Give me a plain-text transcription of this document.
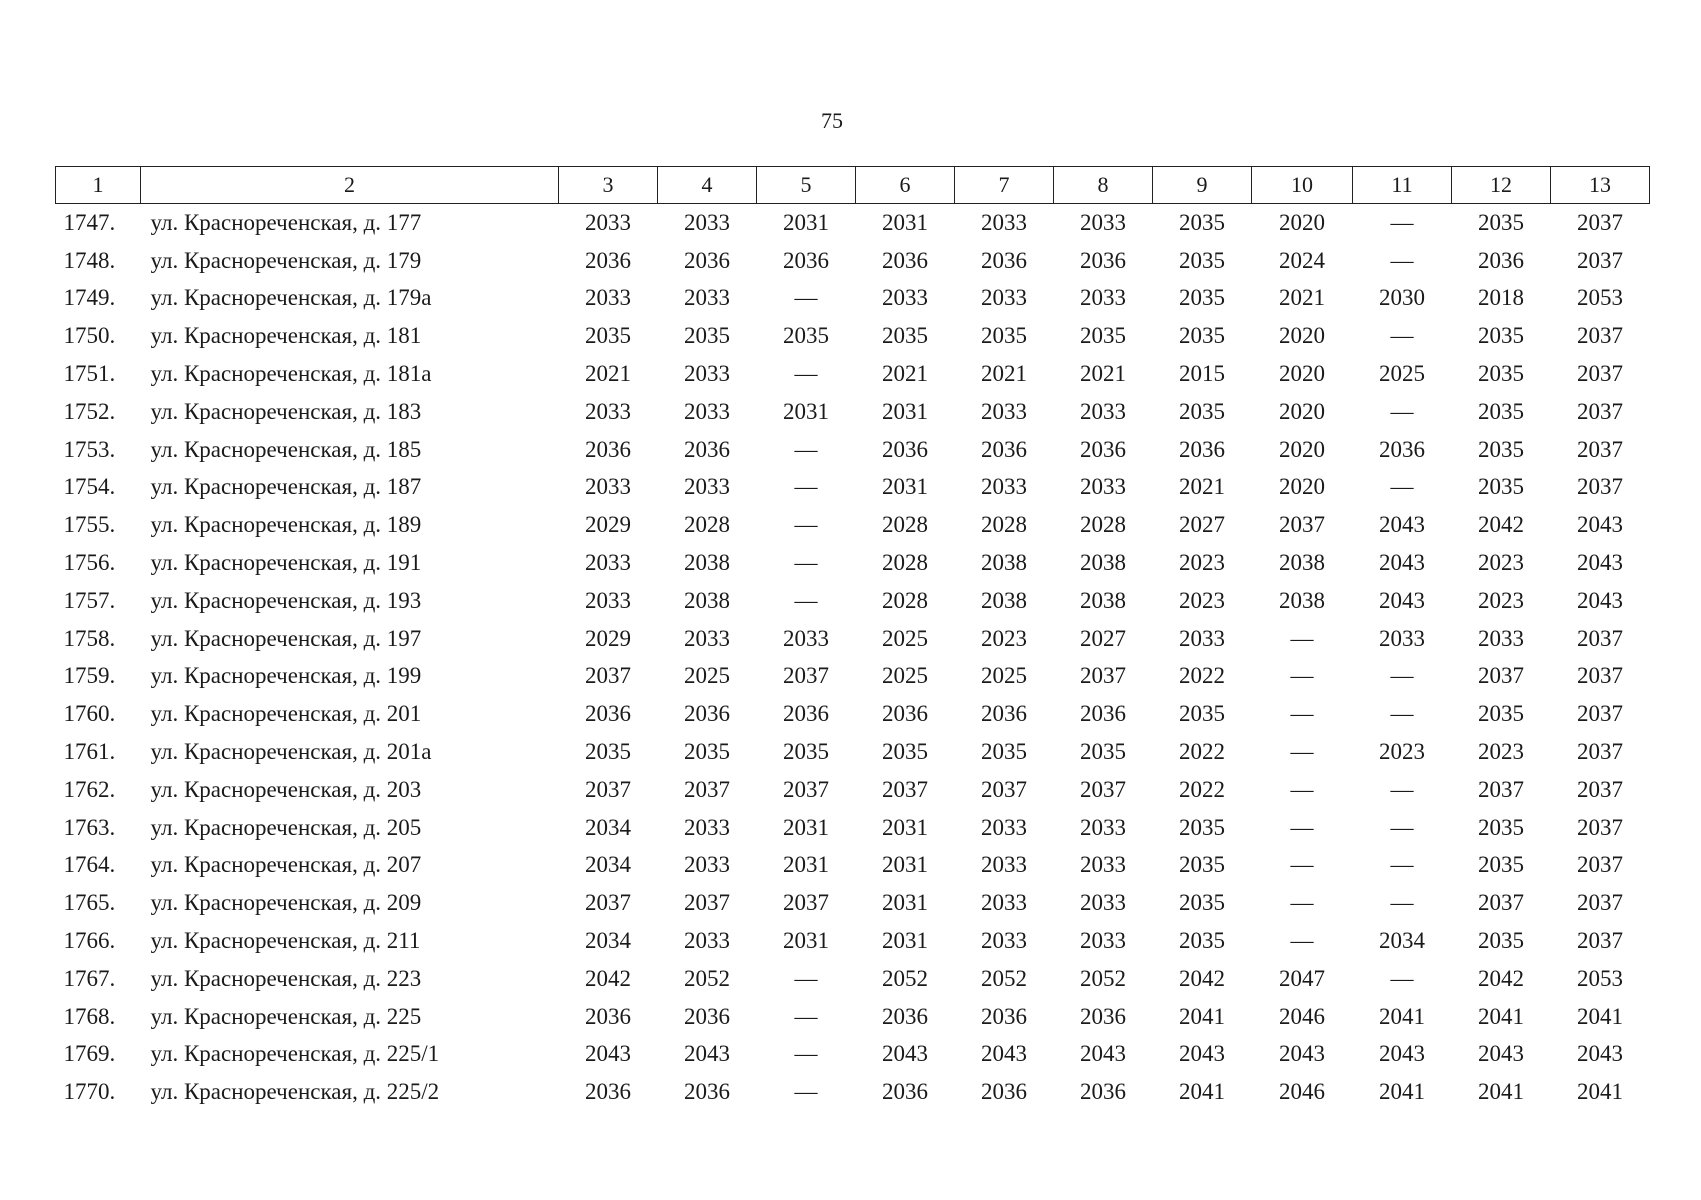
75
1	2	3	4	5	6	7	8	9	10	11	12	13
1747.	ул. Краснореченская, д. 177	2033	2033	2031	2031	2033	2033	2035	2020	—	2035	2037
1748.	ул. Краснореченская, д. 179	2036	2036	2036	2036	2036	2036	2035	2024	—	2036	2037
1749.	ул. Краснореченская, д. 179а	2033	2033	—	2033	2033	2033	2035	2021	2030	2018	2053
1750.	ул. Краснореченская, д. 181	2035	2035	2035	2035	2035	2035	2035	2020	—	2035	2037
1751.	ул. Краснореченская, д. 181а	2021	2033	—	2021	2021	2021	2015	2020	2025	2035	2037
1752.	ул. Краснореченская, д. 183	2033	2033	2031	2031	2033	2033	2035	2020	—	2035	2037
1753.	ул. Краснореченская, д. 185	2036	2036	—	2036	2036	2036	2036	2020	2036	2035	2037
1754.	ул. Краснореченская, д. 187	2033	2033	—	2031	2033	2033	2021	2020	—	2035	2037
1755.	ул. Краснореченская, д. 189	2029	2028	—	2028	2028	2028	2027	2037	2043	2042	2043
1756.	ул. Краснореченская, д. 191	2033	2038	—	2028	2038	2038	2023	2038	2043	2023	2043
1757.	ул. Краснореченская, д. 193	2033	2038	—	2028	2038	2038	2023	2038	2043	2023	2043
1758.	ул. Краснореченская, д. 197	2029	2033	2033	2025	2023	2027	2033	—	2033	2033	2037
1759.	ул. Краснореченская, д. 199	2037	2025	2037	2025	2025	2037	2022	—	—	2037	2037
1760.	ул. Краснореченская, д. 201	2036	2036	2036	2036	2036	2036	2035	—	—	2035	2037
1761.	ул. Краснореченская, д. 201а	2035	2035	2035	2035	2035	2035	2022	—	2023	2023	2037
1762.	ул. Краснореченская, д. 203	2037	2037	2037	2037	2037	2037	2022	—	—	2037	2037
1763.	ул. Краснореченская, д. 205	2034	2033	2031	2031	2033	2033	2035	—	—	2035	2037
1764.	ул. Краснореченская, д. 207	2034	2033	2031	2031	2033	2033	2035	—	—	2035	2037
1765.	ул. Краснореченская, д. 209	2037	2037	2037	2031	2033	2033	2035	—	—	2037	2037
1766.	ул. Краснореченская, д. 211	2034	2033	2031	2031	2033	2033	2035	—	2034	2035	2037
1767.	ул. Краснореченская, д. 223	2042	2052	—	2052	2052	2052	2042	2047	—	2042	2053
1768.	ул. Краснореченская, д. 225	2036	2036	—	2036	2036	2036	2041	2046	2041	2041	2041
1769.	ул. Краснореченская, д. 225/1	2043	2043	—	2043	2043	2043	2043	2043	2043	2043	2043
1770.	ул. Краснореченская, д. 225/2	2036	2036	—	2036	2036	2036	2041	2046	2041	2041	2041
